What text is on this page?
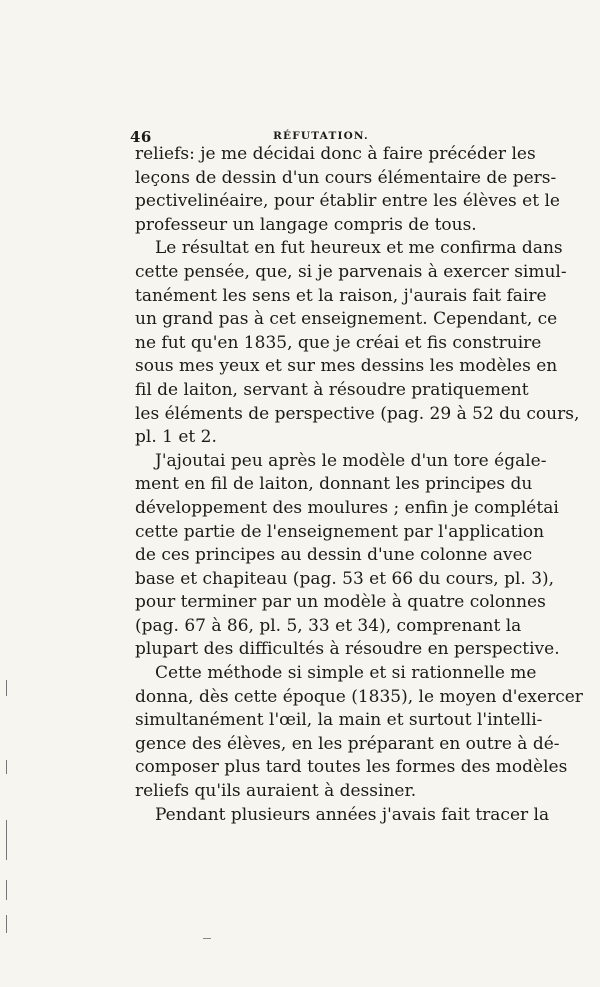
46	RÉFUTATION.
reliefs: je me décidai donc à faire précéder les
leçons de dessin d'un cours élémentaire de pers-
pectivelinéaire, pour établir entre les élèves et le
professeur un langage compris de tous.
Le résultat en fut heureux et me confirma dans
cette pensée, que, si je parvenais à exercer simul-
tanément les sens et la raison, j'aurais fait faire
un grand pas à cet enseignement. Cependant, ce
ne fut qu'en 1835, que je créai et fis construire
sous mes yeux et sur mes dessins les modèles en
fil de laiton, servant à résoudre pratiquement
les éléments de perspective (pag. 29 à 52 du cours,
pl. 1 et 2.
J'ajoutai peu après le modèle d'un tore égale-
ment en fil de laiton, donnant les principes du
développement des moulures ; enfin je complétai
cette partie de l'enseignement par l'application
de ces principes au dessin d'une colonne avec
base et chapiteau (pag. 53 et 66 du cours, pl. 3),
pour terminer par un modèle à quatre colonnes
(pag. 67 à 86, pl. 5, 33 et 34), comprenant la
plupart des difficultés à résoudre en perspective.
Cette méthode si simple et si rationnelle me
donna, dès cette époque (1835), le moyen d'exercer
simultanément l'œil, la main et surtout l'intelli-
gence des élèves, en les préparant en outre à dé-
composer plus tard toutes les formes des modèles
reliefs qu'ils auraient à dessiner.
Pendant plusieurs années j'avais fait tracer la
